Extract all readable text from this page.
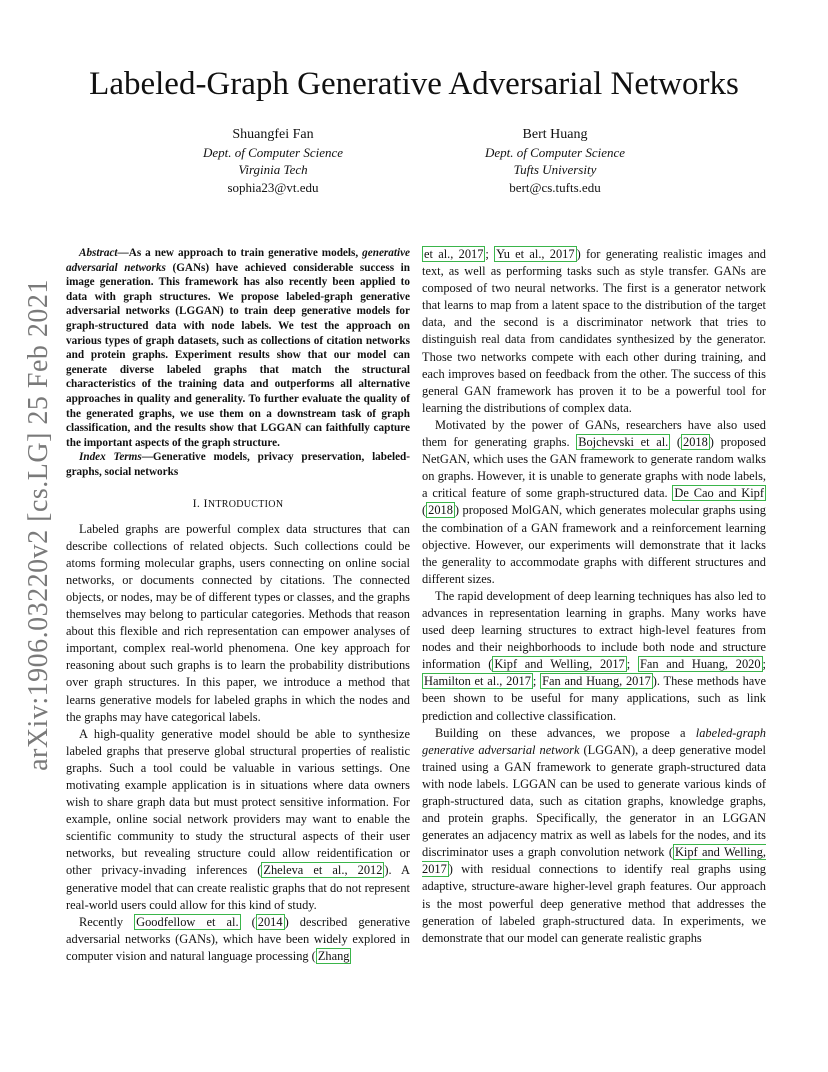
arXiv:1906.03220v2 [cs.LG] 25 Feb 2021
Labeled-Graph Generative Adversarial Networks
Shuangfei Fan
Dept. of Computer Science
Virginia Tech
sophia23@vt.edu
Bert Huang
Dept. of Computer Science
Tufts University
bert@cs.tufts.edu

Abstract—As a new approach to train generative models, generative adversarial networks (GANs) have achieved considerable success in image generation. This framework has also recently been applied to data with graph structures. We propose labeled-graph generative adversarial networks (LGGAN) to train deep generative models for graph-structured data with node labels. We test the approach on various types of graph datasets, such as collections of citation networks and protein graphs. Experiment results show that our model can generate diverse labeled graphs that match the structural characteristics of the training data and outperforms all alternative approaches in quality and generality. To further evaluate the quality of the generated graphs, we use them on a downstream task of graph classification, and the results show that LGGAN can faithfully capture the important aspects of the graph structure.

Index Terms—Generative models, privacy preservation, labeled-graphs, social networks

I. INTRODUCTION

Labeled graphs are powerful complex data structures that can describe collections of related objects. Such collections could be atoms forming molecular graphs, users connecting on online social networks, or documents connected by citations. The connected objects, or nodes, may be of different types or classes, and the graphs themselves may belong to particular categories. Methods that reason about this flexible and rich representation can empower analyses of important, complex real-world phenomena. One key approach for reasoning about such graphs is to learn the probability distributions over graph structures. In this paper, we introduce a method that learns generative models for labeled graphs in which the nodes and the graphs may have categorical labels.

A high-quality generative model should be able to synthesize labeled graphs that preserve global structural properties of realistic graphs. Such a tool could be valuable in various settings. One motivating example application is in situations where data owners wish to share graph data but must protect sensitive information. For example, online social network providers may want to enable the scientific community to study the structural aspects of their user networks, but revealing structure could allow reidentification or other privacy-invading inferences ( Zheleva et al., 2012 ). A generative model that can create realistic graphs that do not represent real-world users could allow for this kind of study.

Recently Goodfellow et al. ( 2014 ) described generative adversarial networks (GANs), which have been widely explored in computer vision and natural language processing ( Zhang

et al., 2017 ; Yu et al., 2017 ) for generating realistic images and text, as well as performing tasks such as style transfer. GANs are composed of two neural networks. The first is a generator network that learns to map from a latent space to the distribution of the target data, and the second is a discriminator network that tries to distinguish real data from candidates synthesized by the generator. Those two networks compete with each other during training, and each improves based on feedback from the other. The success of this general GAN framework has proven it to be a powerful tool for learning the distributions of complex data.

Motivated by the power of GANs, researchers have also used them for generating graphs. Bojchevski et al. ( 2018 ) proposed NetGAN, which uses the GAN framework to generate random walks on graphs. However, it is unable to generate graphs with node labels, a critical feature of some graph-structured data. De Cao and Kipf ( 2018 ) proposed MolGAN, which generates molecular graphs using the combination of a GAN framework and a reinforcement learning objective. However, our experiments will demonstrate that it lacks the generality to accommodate graphs with different structures and different sizes.

The rapid development of deep learning techniques has also led to advances in representation learning in graphs. Many works have used deep learning structures to extract high-level features from nodes and their neighborhoods to include both node and structure information ( Kipf and Welling, 2017 ; Fan and Huang, 2020 ; Hamilton et al., 2017 ; Fan and Huang, 2017 ). These methods have been shown to be useful for many applications, such as link prediction and collective classification.

Building on these advances, we propose a labeled-graph generative adversarial network (LGGAN), a deep generative model trained using a GAN framework to generate graph-structured data with node labels. LGGAN can be used to generate various kinds of graph-structured data, such as citation graphs, knowledge graphs, and protein graphs. Specifically, the generator in an LGGAN generates an adjacency matrix as well as labels for the nodes, and its discriminator uses a graph convolution network ( Kipf and Welling, 2017 ) with residual connections to identify real graphs using adaptive, structure-aware higher-level graph features. Our approach is the most powerful deep generative method that addresses the generation of labeled graph-structured data. In experiments, we demonstrate that our model can generate realistic graphs
